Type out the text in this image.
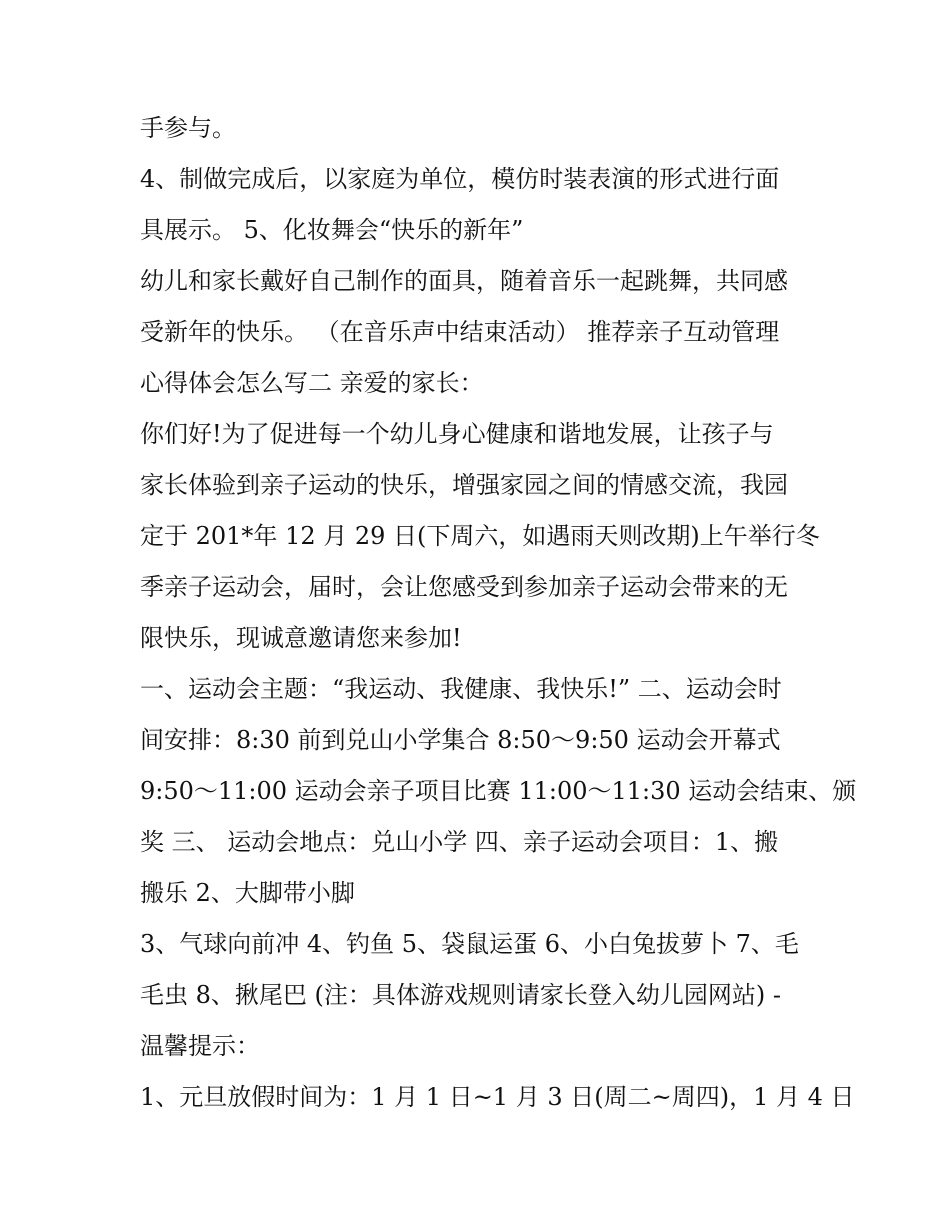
手参与。
4、制做完成后，以家庭为单位，模仿时装表演的形式进行面
具展示。 5、化妆舞会“快乐的新年”
幼儿和家长戴好自己制作的面具，随着音乐一起跳舞，共同感
受新年的快乐。 （在音乐声中结束活动） 推荐亲子互动管理
心得体会怎么写二 亲爱的家长：
你们好!为了促进每一个幼儿身心健康和谐地发展，让孩子与
家长体验到亲子运动的快乐，增强家园之间的情感交流，我园
定于 201*年 12 月 29 日(下周六，如遇雨天则改期)上午举行冬
季亲子运动会，届时，会让您感受到参加亲子运动会带来的无
限快乐，现诚意邀请您来参加!
一、运动会主题：“我运动、我健康、我快乐!” 二、运动会时
间安排：8:30 前到兑山小学集合 8:50～9:50 运动会开幕式
9:50～11:00 运动会亲子项目比赛 11:00～11:30 运动会结束、颁
奖 三、 运动会地点：兑山小学 四、亲子运动会项目：1、搬
搬乐 2、大脚带小脚
3、气球向前冲 4、钓鱼 5、袋鼠运蛋 6、小白兔拔萝卜 7、毛
毛虫 8、揪尾巴 (注：具体游戏规则请家长登入幼儿园网站) -
温馨提示：
1、元旦放假时间为：1 月 1 日~1 月 3 日(周二~周四)，1 月 4 日
